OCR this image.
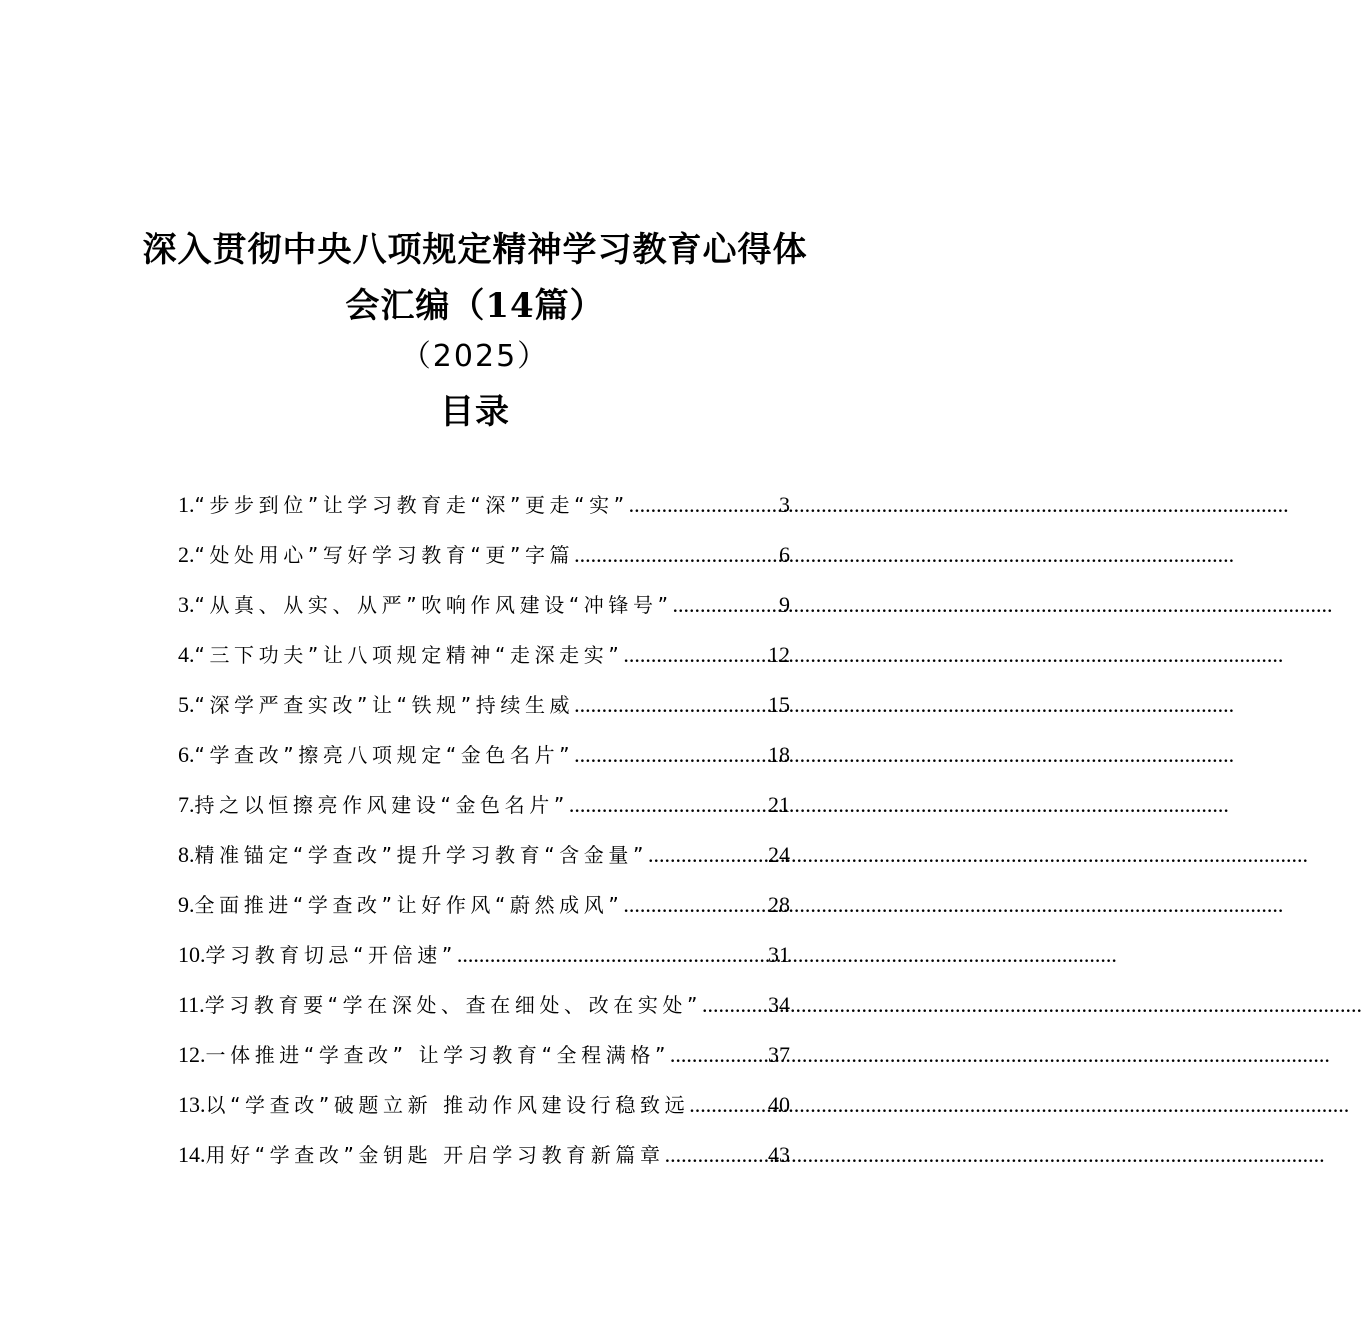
深入贯彻中央八项规定精神学习教育心得体
会汇编（14篇）
（2025）
目录
1. “步步到位”让学习教育走“深”更走“实” .....	3
2. “处处用心”写好学习教育“更”字篇 .....	6
3. “从真、从实、从严”吹响作风建设“冲锋号” .....	9
4. “三下功夫”让八项规定精神“走深走实” .....	12
5. “深学严查实改”让“铁规”持续生威 .....	15
6. “学查改”擦亮八项规定“金色名片” .....	18
7. 持之以恒擦亮作风建设“金色名片” .....	21
8. 精准锚定“学查改”提升学习教育“含金量” .....	24
9. 全面推进“学查改”让好作风“蔚然成风” .....	28
10. 学习教育切忌“开倍速” .....	31
11. 学习教育要“学在深处、查在细处、改在实处” .....	34
12. 一体推进“学查改” 让学习教育“全程满格” .....	37
13. 以“学查改”破题立新 推动作风建设行稳致远 .....	40
14. 用好“学查改”金钥匙 开启学习教育新篇章 .....	43
